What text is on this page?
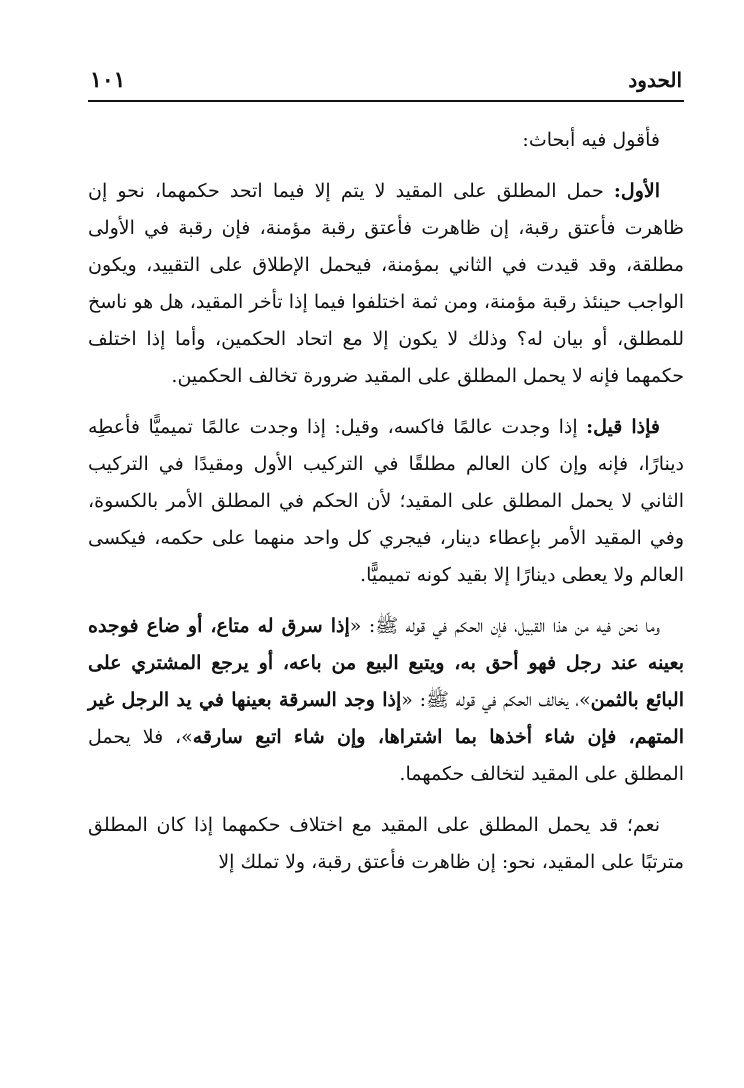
الحدود
١٠١

فأقول فيه أبحاث:

الأول: حمل المطلق على المقيد لا يتم إلا فيما اتحد حكمهما، نحو إن ظاهرت فأعتق رقبة، إن ظاهرت فأعتق رقبة مؤمنة، فإن رقبة في الأولى مطلقة، وقد قيدت في الثاني بمؤمنة، فيحمل الإطلاق على التقييد، ويكون الواجب حينئذ رقبة مؤمنة، ومن ثمة اختلفوا فيما إذا تأخر المقيد، هل هو ناسخ للمطلق، أو بيان له؟ وذلك لا يكون إلا مع اتحاد الحكمين، وأما إذا اختلف حكمهما فإنه لا يحمل المطلق على المقيد ضرورة تخالف الحكمين.

فإذا قيل: إذا وجدت عالمًا فاكسه، وقيل: إذا وجدت عالمًا تميميًّا فأعطِه دينارًا، فإنه وإن كان العالم مطلقًا في التركيب الأول ومقيدًا في التركيب الثاني لا يحمل المطلق على المقيد؛ لأن الحكم في المطلق الأمر بالكسوة، وفي المقيد الأمر بإعطاء دينار، فيجري كل واحد منهما على حكمه، فيكسى العالم ولا يعطى دينارًا إلا بقيد كونه تميميًّا.

وما نحن فيه من هذا القبيل، فإن الحكم في قوله ﷺ: «إذا سرق له متاع، أو ضاع فوجده بعينه عند رجل فهو أحق به، ويتبع البيع من باعه، أو يرجع المشتري على البائع بالثمن»، يخالف الحكم في قوله ﷺ: «إذا وجد السرقة بعينها في يد الرجل غير المتهم، فإن شاء أخذها بما اشتراها، وإن شاء اتبع سارقه»، فلا يحمل المطلق على المقيد لتخالف حكمهما.

نعم؛ قد يحمل المطلق على المقيد مع اختلاف حكمهما إذا كان المطلق مترتبًا على المقيد، نحو: إن ظاهرت فأعتق رقبة، ولا تملك إلا
